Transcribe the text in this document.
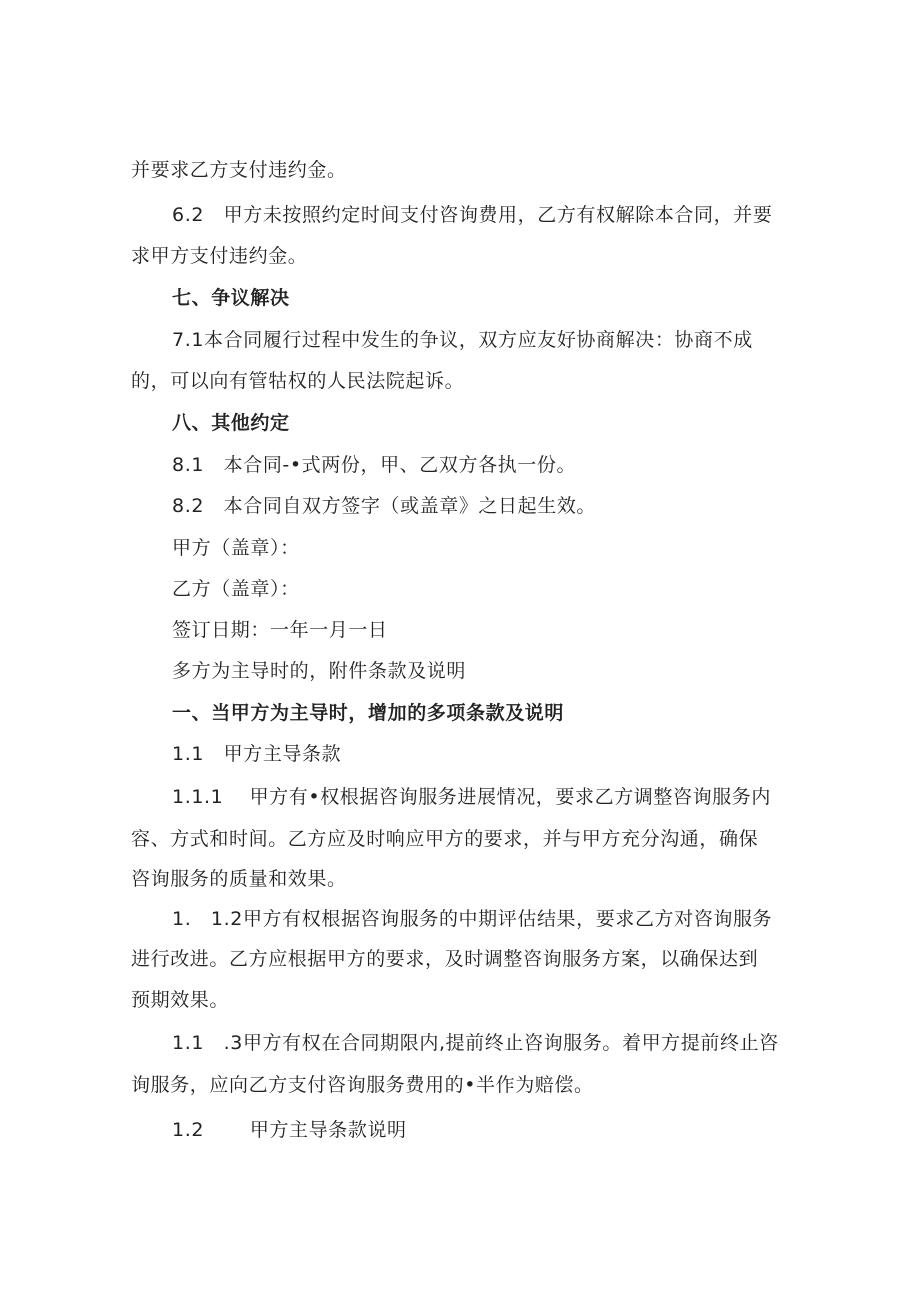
并要求乙方支付违约金。
6.2　甲方未按照约定时间支付咨询费用，乙方有权解除本合同，并要
求甲方支付违约金。
七、争议解决
7.1本合同履行过程中发生的争议，双方应友好协商解决：协商不成
的，可以向有管牯权的人民法院起诉。
八、其他约定
8.1　本合同-•式两份，甲、乙双方各执一份。
8.2　本合同自双方签字（或盖章》之日起生效。
甲方（盖章）：
乙方（盖章）：
签订日期：一年一月一日
多方为主导时的，附件条款及说明
一、当甲方为主导时，增加的多项条款及说明
1.1　甲方主导条款
1.1.1　 甲方有•权根据咨询服务进展情况，要求乙方调整咨询服务内
容、方式和时间。乙方应及时响应甲方的要求，并与甲方充分沟通，确保
咨询服务的质量和效果。
1.　1.2甲方有权根据咨询服务的中期评估结果，要求乙方对咨询服务
进行改进。乙方应根据甲方的要求，及时调整咨询服务方案，以确保达到
预期效果。
1.1　.3甲方有权在合同期限内,提前终止咨询服务。着甲方提前终止咨
询服务，应向乙方支付咨询服务费用的•半作为赔偿。
1.2　　 甲方主导条款说明
